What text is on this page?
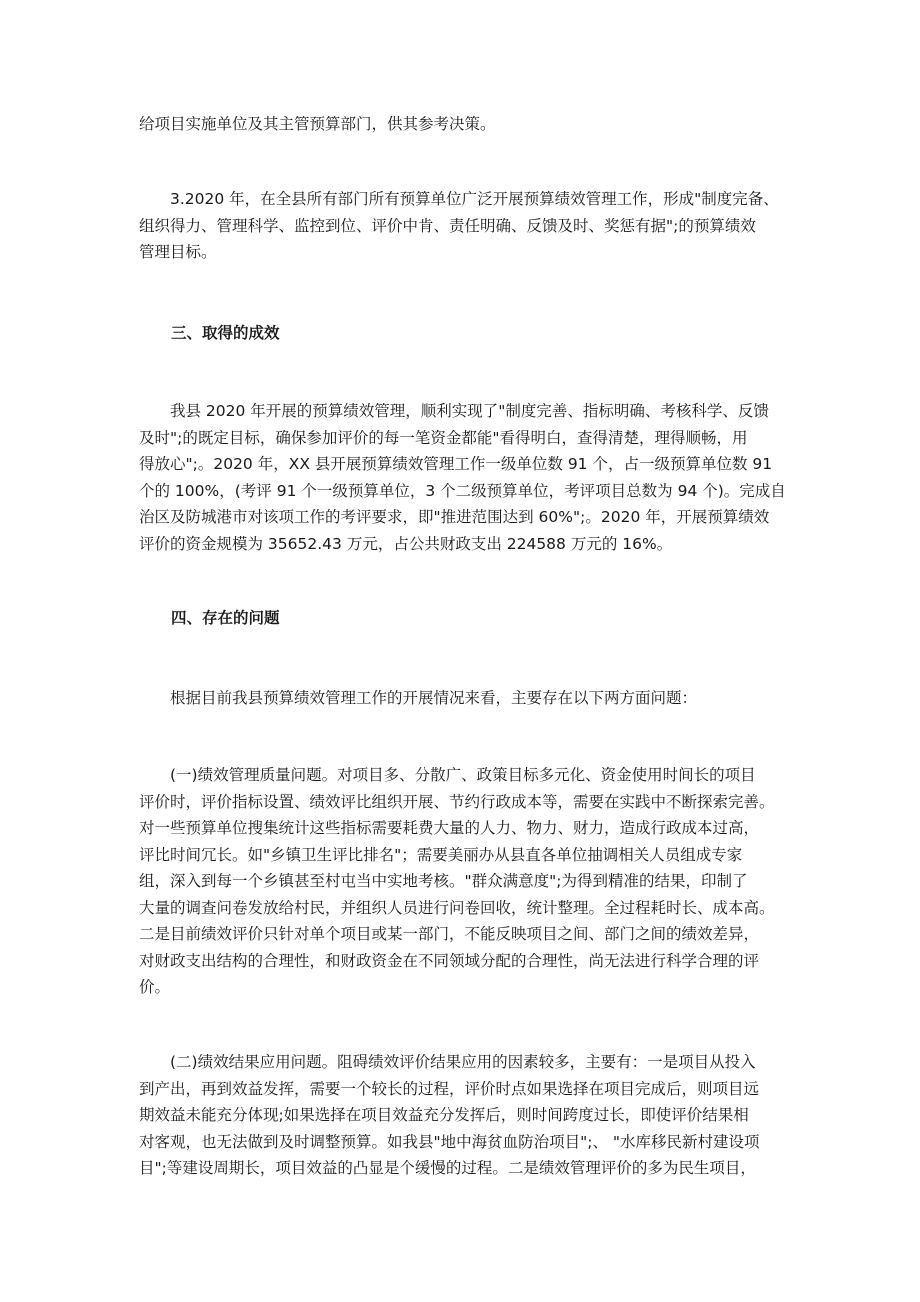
给项目实施单位及其主管预算部门，供其参考决策。

　　3.2020 年，在全县所有部门所有预算单位广泛开展预算绩效管理工作，形成"制度完备、
组织得力、管理科学、监控到位、评价中肯、责任明确、反馈及时、奖惩有据";的预算绩效
管理目标。

三、取得的成效

　　我县 2020 年开展的预算绩效管理，顺利实现了"制度完善、指标明确、考核科学、反馈
及时";的既定目标，确保参加评价的每一笔资金都能"看得明白，查得清楚，理得顺畅，用
得放心";。2020 年，XX 县开展预算绩效管理工作一级单位数 91 个，占一级预算单位数 91
个的 100%，(考评 91 个一级预算单位，3 个二级预算单位，考评项目总数为 94 个)。完成自
治区及防城港市对该项工作的考评要求，即"推进范围达到 60%";。2020 年，开展预算绩效
评价的资金规模为 35652.43 万元，占公共财政支出 224588 万元的 16%。

四、存在的问题

　　根据目前我县预算绩效管理工作的开展情况来看，主要存在以下两方面问题：

　　(一)绩效管理质量问题。对项目多、分散广、政策目标多元化、资金使用时间长的项目
评价时，评价指标设置、绩效评比组织开展、节约行政成本等，需要在实践中不断探索完善。
对一些预算单位搜集统计这些指标需要耗费大量的人力、物力、财力，造成行政成本过高，
评比时间冗长。如"乡镇卫生评比排名"；需要美丽办从县直各单位抽调相关人员组成专家
组，深入到每一个乡镇甚至村屯当中实地考核。"群众满意度";为得到精准的结果，印制了
大量的调查问卷发放给村民，并组织人员进行问卷回收，统计整理。全过程耗时长、成本高。
二是目前绩效评价只针对单个项目或某一部门，不能反映项目之间、部门之间的绩效差异，
对财政支出结构的合理性，和财政资金在不同领域分配的合理性，尚无法进行科学合理的评
价。

　　(二)绩效结果应用问题。阻碍绩效评价结果应用的因素较多，主要有：一是项目从投入
到产出，再到效益发挥，需要一个较长的过程，评价时点如果选择在项目完成后，则项目远
期效益未能充分体现;如果选择在项目效益充分发挥后，则时间跨度过长，即使评价结果相
对客观，也无法做到及时调整预算。如我县"地中海贫血防治项目";、 "水库移民新村建设项
目";等建设周期长，项目效益的凸显是个缓慢的过程。二是绩效管理评价的多为民生项目，
